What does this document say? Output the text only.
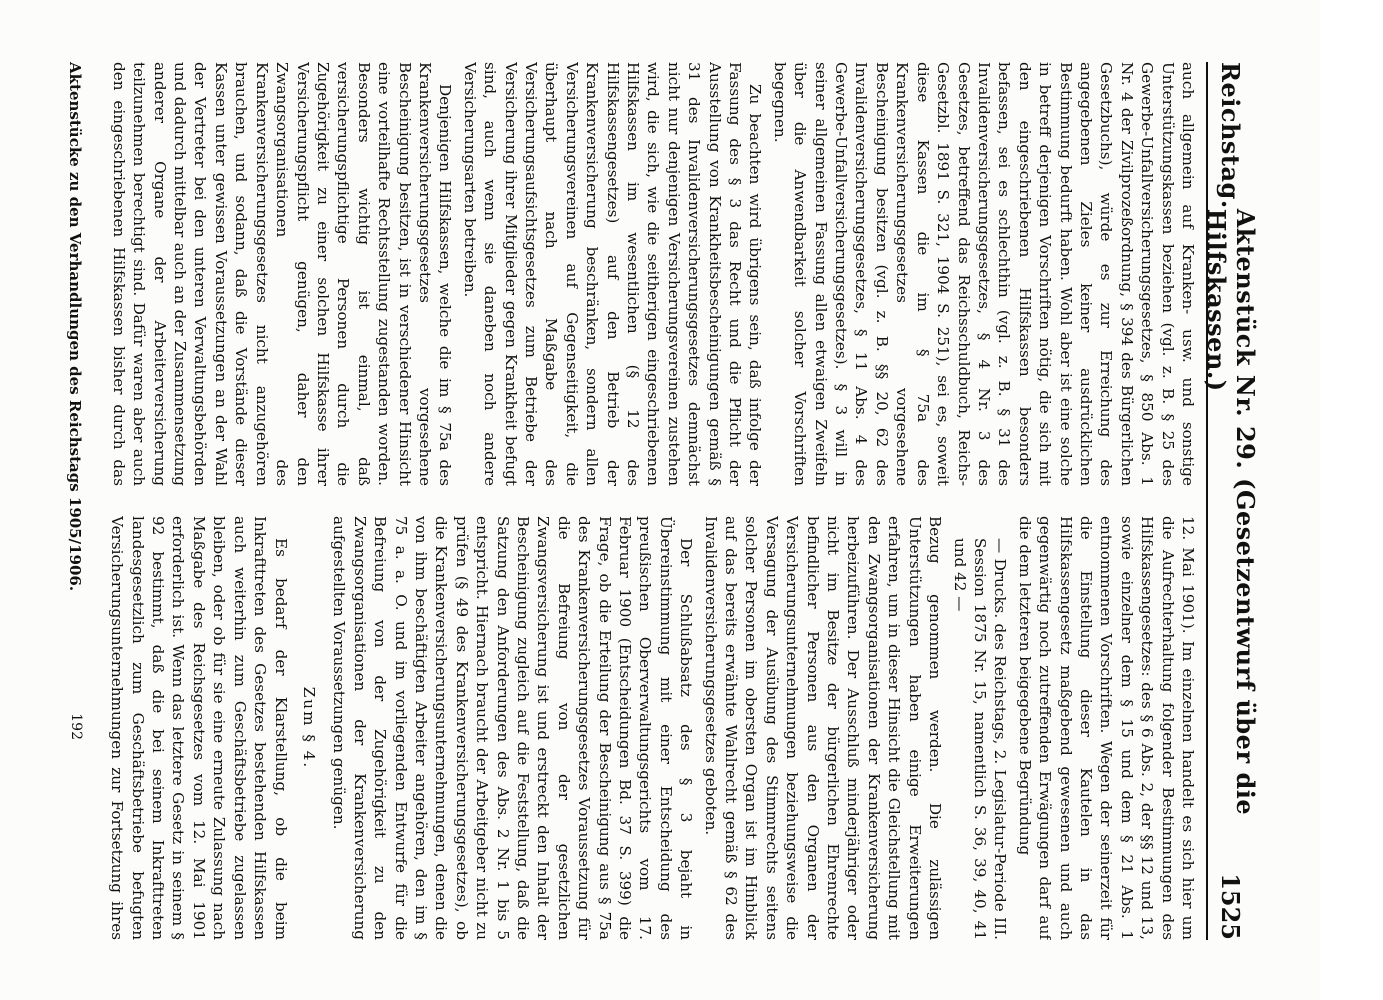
Reichstag.
Aktenstück Nr. 29. (Gesetzentwurf über die Hilfskassen.)
1525

auch allgemein auf Kranken- usw. und sonstige Unterstützungskassen beziehen (vgl. z. B. § 25 des Gewerbe-Unfallversicherungsgesetzes, § 850 Abs. 1 Nr. 4 der Zivilprozeßordnung, § 394 des Bürgerlichen Gesetzbuchs), würde es zur Erreichung des angegebenen Zieles keiner ausdrücklichen Bestimmung bedurft haben. Wohl aber ist eine solche in betreff derjenigen Vorschriften nötig, die sich mit den eingeschriebenen Hilfskassen besonders befassen, sei es schlechthin (vgl. z. B. § 31 des Invalidenversicherungsgesetzes, § 4 Nr. 3 des Gesetzes, betreffend das Reichsschuldbuch, Reichs-Gesetzbl. 1891 S. 321, 1904 S. 251), sei es, soweit diese Kassen die im § 75a des Krankenversicherungsgesetzes vorgesehene Bescheinigung besitzen (vgl. z. B. §§ 20, 62 des Invalidenversicherungsgesetzes, § 11 Abs. 4 des Gewerbe-Unfallversicherungsgesetzes). § 3 will in seiner allgemeinen Fassung allen etwaigen Zweifeln über die Anwendbarkeit solcher Vorschriften begegnen.

Zu beachten wird übrigens sein, daß infolge der Fassung des § 3 das Recht und die Pflicht der Ausstellung von Krankheitsbescheinigungen gemäß § 31 des Invalidenversicherungsgesetzes demnächst nicht nur denjenigen Versicherungsvereinen zustehen wird, die sich, wie die seitherigen eingeschriebenen Hilfskassen im wesentlichen (§ 12 des Hilfskassengesetzes) auf den Betrieb der Krankenversicherung beschränken, sondern allen Versicherungsvereinen auf Gegenseitigkeit, die überhaupt nach Maßgabe des Versicherungsaufsichtsgesetzes zum Betriebe der Versicherung ihrer Mitglieder gegen Krankheit befugt sind, auch wenn sie daneben noch andere Versicherungsarten betreiben.

Denjenigen Hilfskassen, welche die im § 75a des Krankenversicherungsgesetzes vorgesehene Bescheinigung besitzen, ist in verschiedener Hinsicht eine vorteilhafte Rechtsstellung zugestanden worden. Besonders wichtig ist einmal, daß versicherungspflichtige Personen durch die Zugehörigkeit zu einer solchen Hilfskasse ihrer Versicherungspflicht genügen, daher den Zwangsorganisationen des Krankenversicherungsgesetzes nicht anzugehören brauchen, und sodann, daß die Vorstände dieser Kassen unter gewissen Voraussetzungen an der Wahl der Vertreter bei den unteren Verwaltungsbehörden und dadurch mittelbar auch an der Zusammensetzung anderer Organe der Arbeiterversicherung teilzunehmen berechtigt sind. Dafür waren aber auch den eingeschriebenen Hilfskassen bisher durch das

12. Mai 1901). Im einzelnen handelt es sich hier um die Aufrechterhaltung folgender Bestimmungen des Hilfskassengesetzes: des § 6 Abs. 2, der §§ 12 und 13, sowie einzelner dem § 15 und dem § 21 Abs. 1 entnommenen Vorschriften. Wegen der seinerzeit für die Einstellung dieser Kautelen in das Hilfskassengesetz maßgebend gewesenen und auch gegenwärtig noch zutreffenden Erwägungen darf auf die dem letzteren beigegebene Begründung

— Drucks. des Reichstags, 2. Legislatur-Periode III. Session 1875 Nr. 15, namentlich S. 36, 39, 40, 41 und 42 —

Bezug genommen werden. Die zulässigen Unterstützungen haben einige Erweiterungen erfahren, um in dieser Hinsicht die Gleichstellung mit den Zwangsorganisationen der Krankenversicherung herbeizuführen. Der Ausschluß minderjähriger oder nicht im Besitze der bürgerlichen Ehrenrechte befindlicher Personen aus den Organen der Versicherungsunternehmungen beziehungsweise die Versagung der Ausübung des Stimmrechts seitens solcher Personen im obersten Organ ist im Hinblick auf das bereits erwähnte Wahlrecht gemäß § 62 des Invalidenversicherungsgesetzes geboten.

Der Schlußabsatz des § 3 bejaht in Übereinstimmung mit einer Entscheidung des preußischen Oberverwaltungsgerichts vom 17. Februar 1900 (Entscheidungen Bd. 37 S. 399) die Frage, ob die Erteilung der Bescheinigung aus § 75a des Krankenversicherungsgesetzes Voraussetzung für die Befreiung von der gesetzlichen Zwangsversicherung ist und erstreckt den Inhalt der Bescheinigung zugleich auf die Feststellung, daß die Satzung den Anforderungen des Abs. 2 Nr. 1 bis 5 entspricht. Hiernach braucht der Arbeitgeber nicht zu prüfen (§ 49 des Krankenversicherungsgesetzes), ob die Krankenversicherungsunternehmungen, denen die von ihm beschäftigten Arbeiter angehören, den im § 75 a. a. O. und im vorliegenden Entwurfe für die Befreiung von der Zugehörigkeit zu den Zwangsorganisationen der Krankenversicherung aufgestellten Voraussetzungen genügen.

Zum § 4.

Es bedarf der Klarstellung, ob die beim Inkrafttreten des Gesetzes bestehenden Hilfskassen auch weiterhin zum Geschäftsbetriebe zugelassen bleiben, oder ob für sie eine erneute Zulassung nach Maßgabe des Reichsgesetzes vom 12. Mai 1901 erforderlich ist. Wenn das letztere Gesetz in seinem § 92 bestimmt, daß die bei seinem Inkrafttreten landesgesetzlich zum Geschäftsbetriebe befugten Versicherungsunternehmungen zur Fortsetzung ihres

Aktenstücke zu den Verhandlungen des Reichstags 1905/1906.
192
